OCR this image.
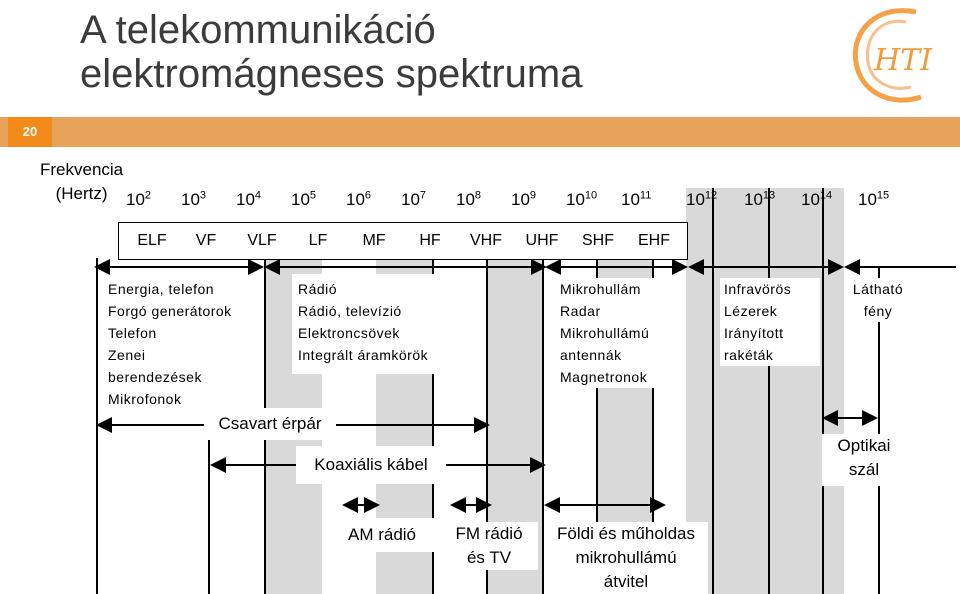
A telekommunikáció
elektromágneses spektruma	HTI
20
Frekvencia
(Hertz)	$10^2$ $10^3$ $10^4$ $10^5$ $10^6$ $10^7$ $10^8$ $10^9$ $10^{10}$ $10^{11}$ $10^{12}$ $10^{13}$ $10^{14}$ $10^{15}$
ELF	VF	VLF	LF	MF	HF	VHF	UHF	SHF	EHF
Energia, telefon
Forgó generátorok
Telefon
Zenei
berendezések
Mikrofonok
Rádió
Rádió, televízió
Elektroncsövek
Integrált áramkörök
Mikrohullám
Radar
Mikrohullámú
antennák
Magnetronok
Infravörös
Lézerek
Irányított
rakéták
Látható
fény
Csavart érpár
Koaxiális kábel
AM rádió	FM rádió
és TV
Földi és műholdas
mikrohullámú
átvitel
Optikai
szál
